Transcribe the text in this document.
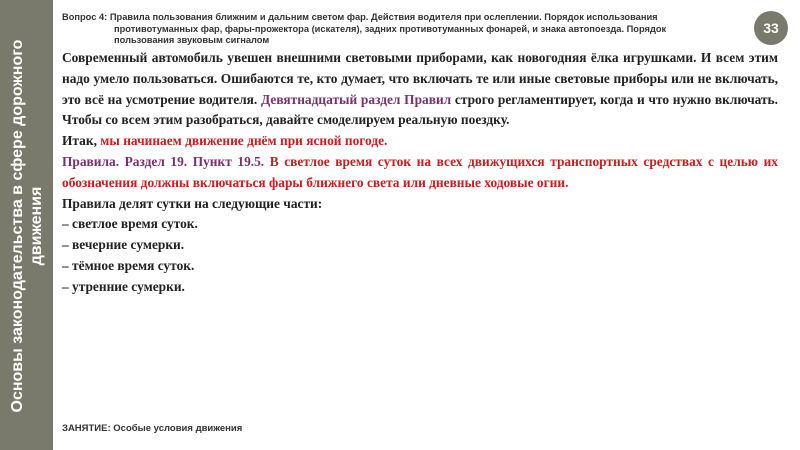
Основы законодательства в сфере дорожного движения
Вопрос 4: Правила пользования ближним и дальним светом фар. Действия водителя при ослеплении. Порядок использования
противотуманных фар, фары-прожектора (искателя), задних противотуманных фонарей, и знака автопоезда. Порядок
пользования звуковым сигналом
33

Современный автомобиль увешен внешними световыми приборами, как новогодняя ёлка игрушками. И всем этим надо умело пользоваться. Ошибаются те, кто думает, что включать те или иные световые приборы или не включать, это всё на усмотрение водителя. Девятнадцатый раздел Правил строго регламентирует, когда и что нужно включать. Чтобы со всем этим разобраться, давайте смоделируем реальную поездку.

Итак, мы начинаем движение днём при ясной погоде.

Правила. Раздел 19. Пункт 19.5. В светлое время суток на всех движущихся транспортных средствах с целью их обозначения должны включаться фары ближнего света или дневные ходовые огни.

Правила делят сутки на следующие части:

– светлое время суток.

– вечерние сумерки.

– тёмное время суток.

– утренние сумерки.

ЗАНЯТИЕ: Особые условия движения
